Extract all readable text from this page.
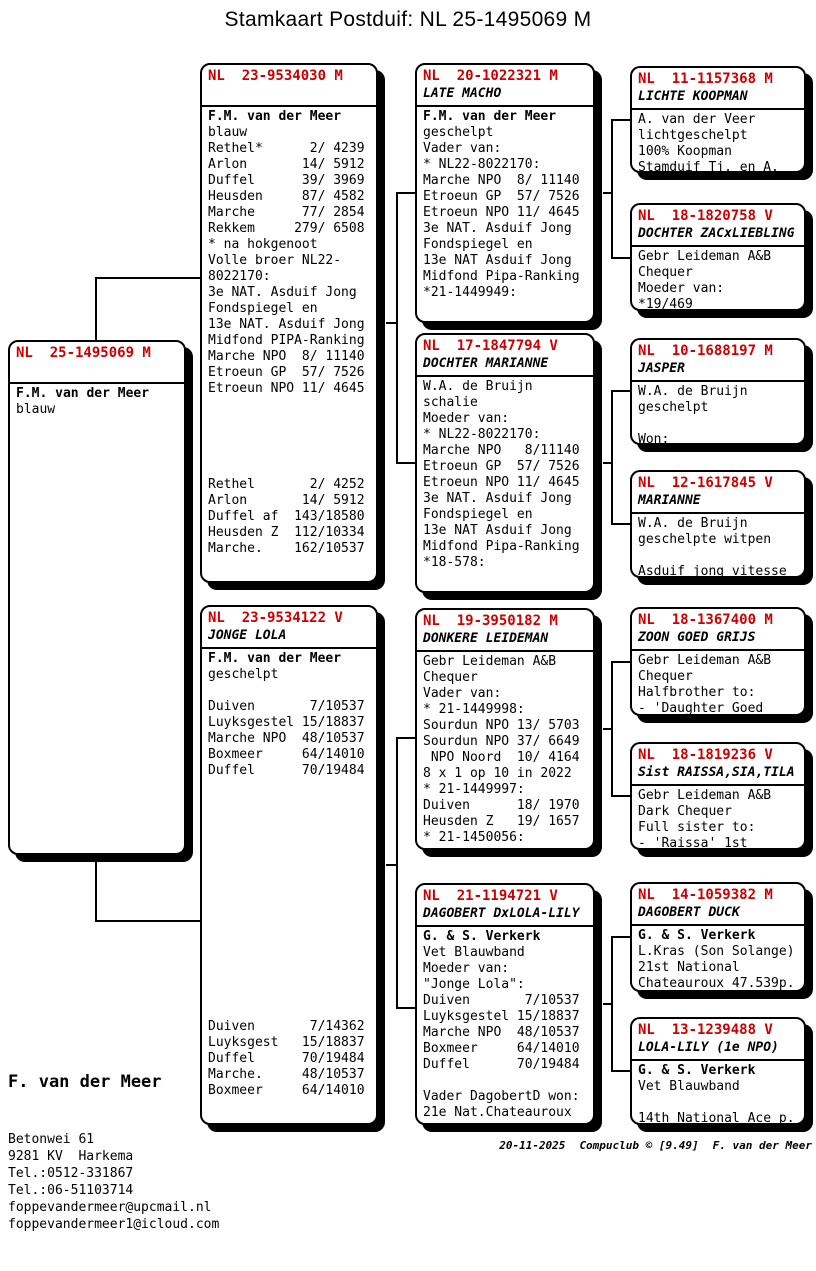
Stamkaart Postduif: NL 25-1495069 M
NL  25-1495069 M

F.M. van der Meer
blauw
NL  23-9534030 M

F.M. van der Meer
blauw
Rethel*      2/ 4239
Arlon       14/ 5912
Duffel      39/ 3969
Heusden     87/ 4582
Marche      77/ 2854
Rekkem     279/ 6508
* na hokgenoot
Volle broer NL22-
8022170:
3e NAT. Asduif Jong
Fondspiegel en
13e NAT. Asduif Jong
Midfond PIPA-Ranking
Marche NPO  8/ 11140
Etroeun GP  57/ 7526
Etroeun NPO 11/ 4645

Rethel       2/ 4252
Arlon       14/ 5912
Duffel af  143/18580
Heusden Z  112/10334
Marche.    162/10537
NL  23-9534122 V
JONGE LOLA
F.M. van der Meer
geschelpt

Duiven       7/10537
Luyksgestel 15/18837
Marche NPO  48/10537
Boxmeer     64/14010
Duffel      70/19484

Duiven       7/14362
Luyksgest   15/18837
Duffel      70/19484
Marche.     48/10537
Boxmeer     64/14010
NL  20-1022321 M
LATE MACHO
F.M. van der Meer
geschelpt
Vader van:
* NL22-8022170:
Marche NPO  8/ 11140
Etroeun GP  57/ 7526
Etroeun NPO 11/ 4645
3e NAT. Asduif Jong
Fondspiegel en
13e NAT Asduif Jong
Midfond Pipa-Ranking
*21-1449949:
NL  17-1847794 V
DOCHTER MARIANNE
W.A. de Bruijn
schalie
Moeder van:
* NL22-8022170:
Marche NPO   8/11140
Etroeun GP  57/ 7526
Etroeun NPO 11/ 4645
3e NAT. Asduif Jong
Fondspiegel en
13e NAT Asduif Jong
Midfond Pipa-Ranking
*18-578:
NL  19-3950182 M
DONKERE LEIDEMAN
Gebr Leideman A&B
Chequer
Vader van:
* 21-1449998:
Sourdun NPO 13/ 5703
Sourdun NPO 37/ 6649
NPO Noord  10/ 4164
8 x 1 op 10 in 2022
* 21-1449997:
Duiven      18/ 1970
Heusden Z   19/ 1657
* 21-1450056:
NL  21-1194721 V
DAGOBERT DxLOLA-LILY
G. & S. Verkerk
Vet Blauwband
Moeder van:
"Jonge Lola":
Duiven       7/10537
Luyksgestel 15/18837
Marche NPO  48/10537
Boxmeer     64/14010
Duffel      70/19484

Vader DagobertD won:
21e Nat.Chateauroux
NL  11-1157368 M
LICHTE KOOPMAN
A. van der Veer
lichtgeschelpt
100% Koopman
Stamduif Tj. en A.
NL  18-1820758 V
DOCHTER ZACxLIEBLING
Gebr Leideman A&B
Chequer
Moeder van:
*19/469
NL  10-1688197 M
JASPER
W.A. de Bruijn
geschelpt

Won:
NL  12-1617845 V
MARIANNE
W.A. de Bruijn
geschelpte witpen

Asduif jong vitesse
NL  18-1367400 M
ZOON GOED GRIJS
Gebr Leideman A&B
Chequer
Halfbrother to:
- 'Daughter Goed
NL  18-1819236 V
Sist RAISSA,SIA,TILA
Gebr Leideman A&B
Dark Chequer
Full sister to:
- 'Raissa' 1st
NL  14-1059382 M
DAGOBERT DUCK
G. & S. Verkerk
L.Kras (Son Solange)
21st National
Chateauroux 47.539p.
NL  13-1239488 V
LOLA-LILY (1e NPO)
G. & S. Verkerk
Vet Blauwband

14th National Ace p.

F. van der Meer

Betonwei 61
9281 KV  Harkema
Tel.:0512-331867
Tel.:06-51103714
foppevandermeer@upcmail.nl
foppevandermeer1@icloud.com

20-11-2025 Compuclub © [9.49] F. van der Meer
